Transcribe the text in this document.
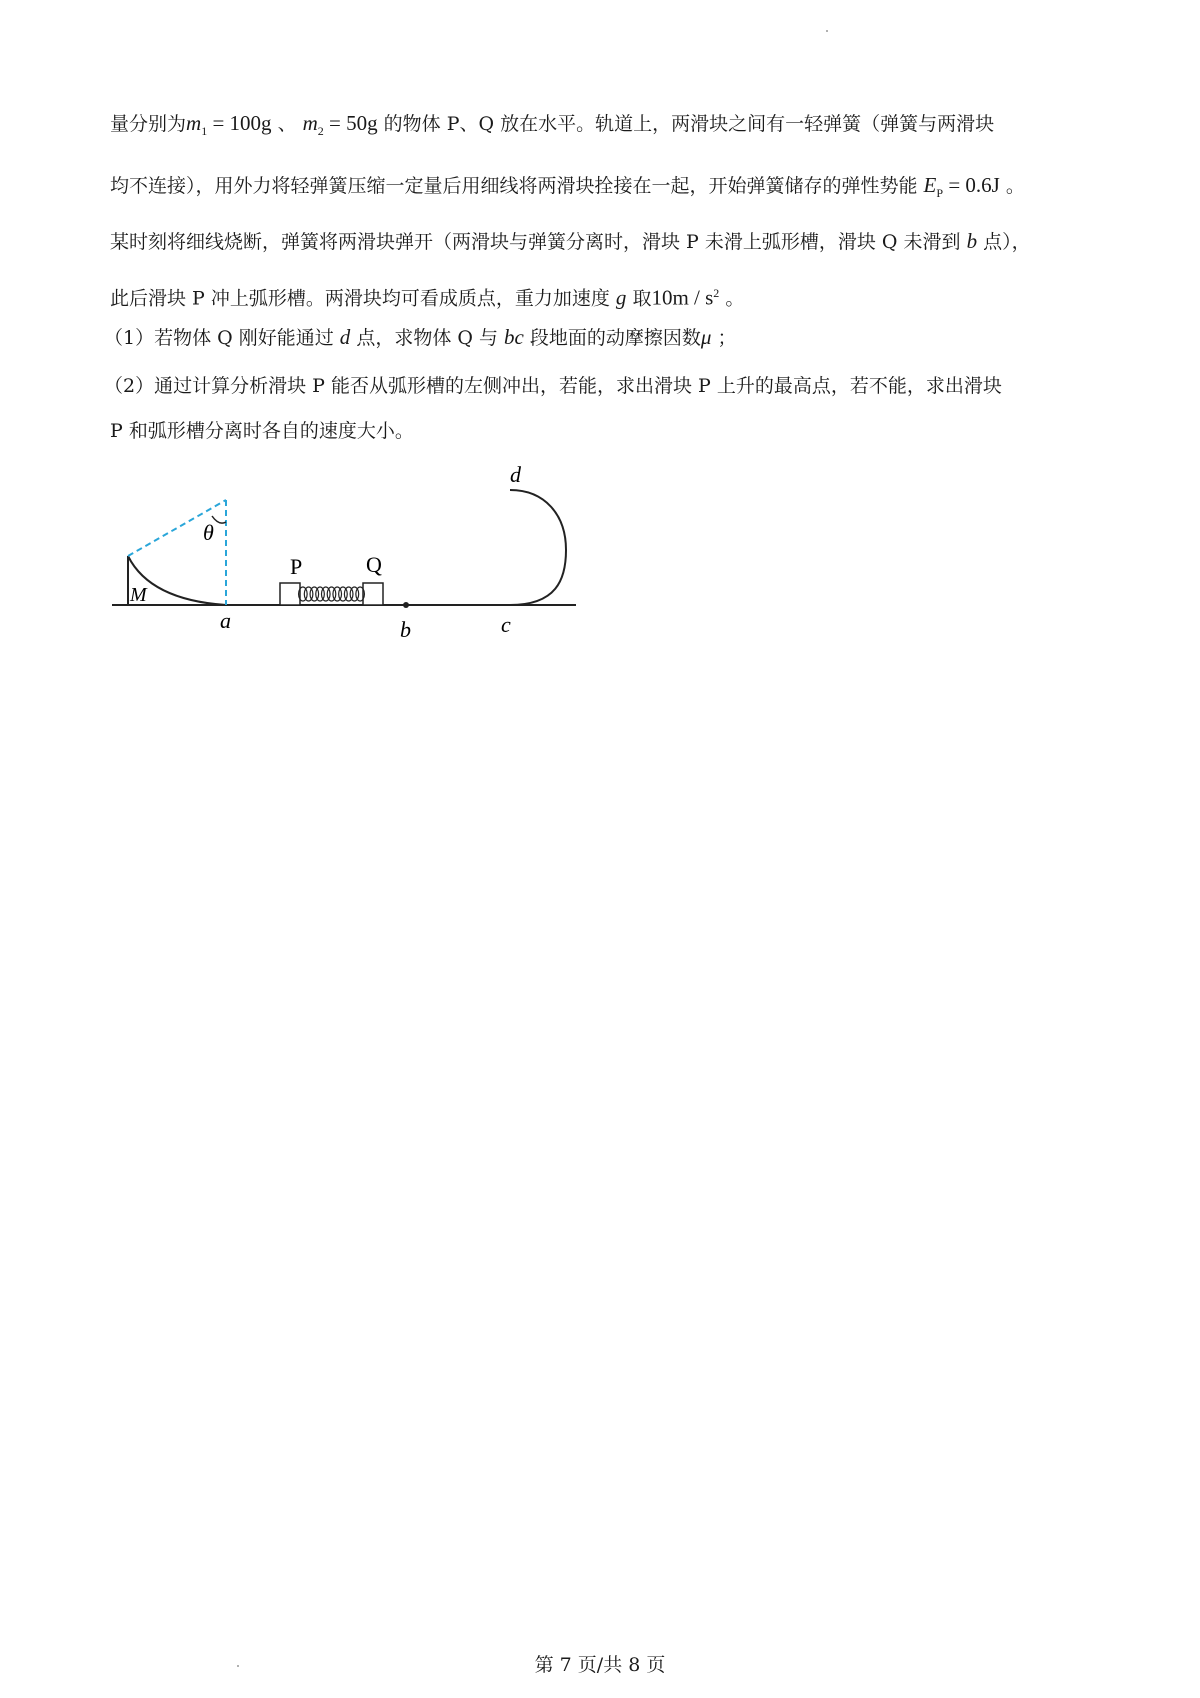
量分别为$m_1 = 100g$ 、 $m_2 = 50g$ 的物体 P、Q 放在水平。轨道上，两滑块之间有一轻弹簧（弹簧与两滑块
均不连接），用外力将轻弹簧压缩一定量后用细线将两滑块拴接在一起，开始弹簧储存的弹性势能 $E_P = 0.6J$ 。
某时刻将细线烧断，弹簧将两滑块弹开（两滑块与弹簧分离时，滑块 P 未滑上弧形槽，滑块 Q 未滑到 b 点），
此后滑块 P 冲上弧形槽。两滑块均可看成质点，重力加速度 g 取$10m / s^2$ 。
（1）若物体 Q 刚好能通过 d 点，求物体 Q 与 bc 段地面的动摩擦因数μ ；
（2）通过计算分析滑块 P 能否从弧形槽的左侧冲出，若能，求出滑块 P 上升的最高点，若不能，求出滑块
P 和弧形槽分离时各自的速度大小。
d
θ
P	Q
M
a	b	c
第 7 页/共 8 页
